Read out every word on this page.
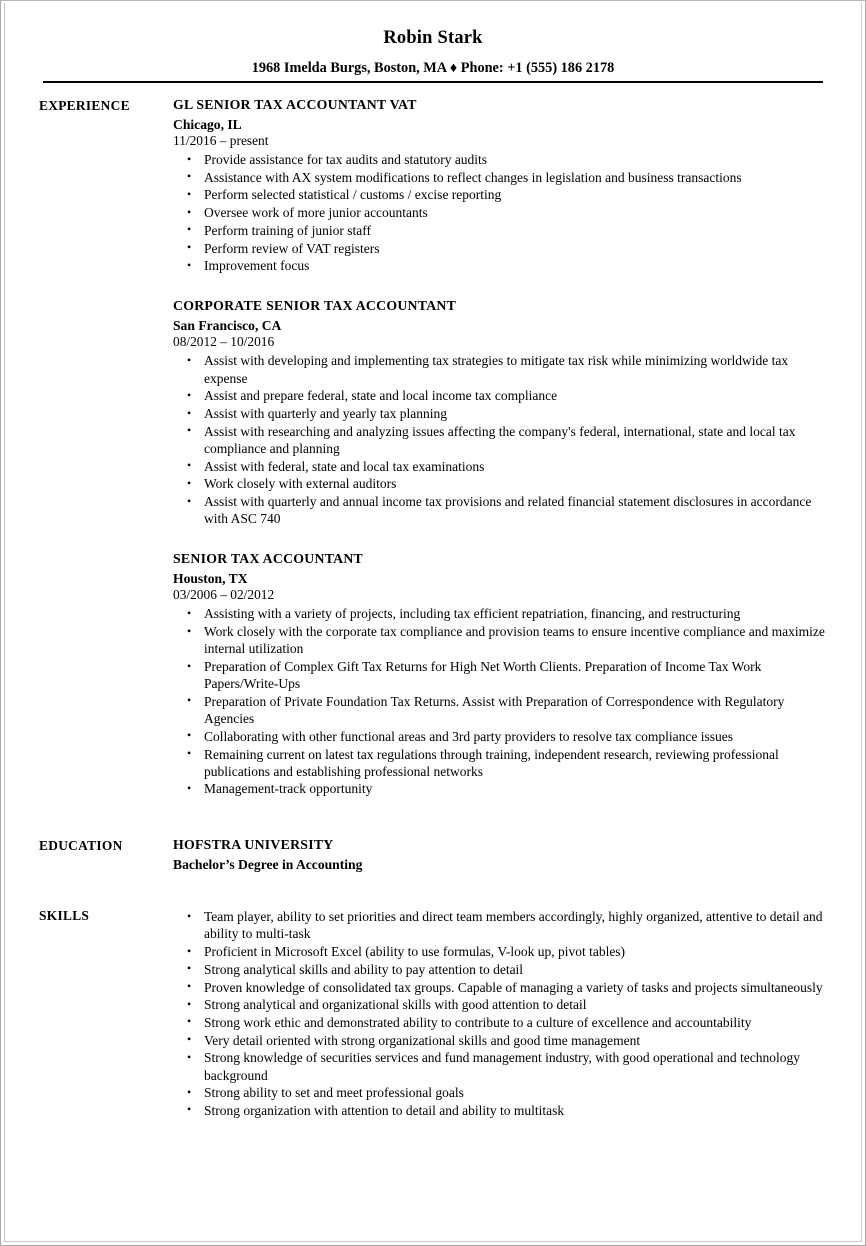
Robin Stark
1968 Imelda Burgs, Boston, MA ♦ Phone: +1 (555) 186 2178
EXPERIENCE	GL SENIOR TAX ACCOUNTANT VAT
Chicago, IL
11/2016 – present
• Provide assistance for tax audits and statutory audits
• Assistance with AX system modifications to reflect changes in legislation and business transactions
• Perform selected statistical / customs / excise reporting
• Oversee work of more junior accountants
• Perform training of junior staff
• Perform review of VAT registers
• Improvement focus
CORPORATE SENIOR TAX ACCOUNTANT
San Francisco, CA
08/2012 – 10/2016
• Assist with developing and implementing tax strategies to mitigate tax risk while minimizing worldwide tax expense
• Assist and prepare federal, state and local income tax compliance
• Assist with quarterly and yearly tax planning
• Assist with researching and analyzing issues affecting the company's federal, international, state and local tax compliance and planning
• Assist with federal, state and local tax examinations
• Work closely with external auditors
• Assist with quarterly and annual income tax provisions and related financial statement disclosures in accordance with ASC 740
SENIOR TAX ACCOUNTANT
Houston, TX
03/2006 – 02/2012
• Assisting with a variety of projects, including tax efficient repatriation, financing, and restructuring
• Work closely with the corporate tax compliance and provision teams to ensure incentive compliance and maximize internal utilization
• Preparation of Complex Gift Tax Returns for High Net Worth Clients. Preparation of Income Tax Work Papers/Write-Ups
• Preparation of Private Foundation Tax Returns. Assist with Preparation of Correspondence with Regulatory Agencies
• Collaborating with other functional areas and 3rd party providers to resolve tax compliance issues
• Remaining current on latest tax regulations through training, independent research, reviewing professional publications and establishing professional networks
• Management-track opportunity
EDUCATION	HOFSTRA UNIVERSITY
Bachelor’s Degree in Accounting
SKILLS	• Team player, ability to set priorities and direct team members accordingly, highly organized, attentive to detail and ability to multi-task
• Proficient in Microsoft Excel (ability to use formulas, V-look up, pivot tables)
• Strong analytical skills and ability to pay attention to detail
• Proven knowledge of consolidated tax groups. Capable of managing a variety of tasks and projects simultaneously
• Strong analytical and organizational skills with good attention to detail
• Strong work ethic and demonstrated ability to contribute to a culture of excellence and accountability
• Very detail oriented with strong organizational skills and good time management
• Strong knowledge of securities services and fund management industry, with good operational and technology background
• Strong ability to set and meet professional goals
• Strong organization with attention to detail and ability to multitask
